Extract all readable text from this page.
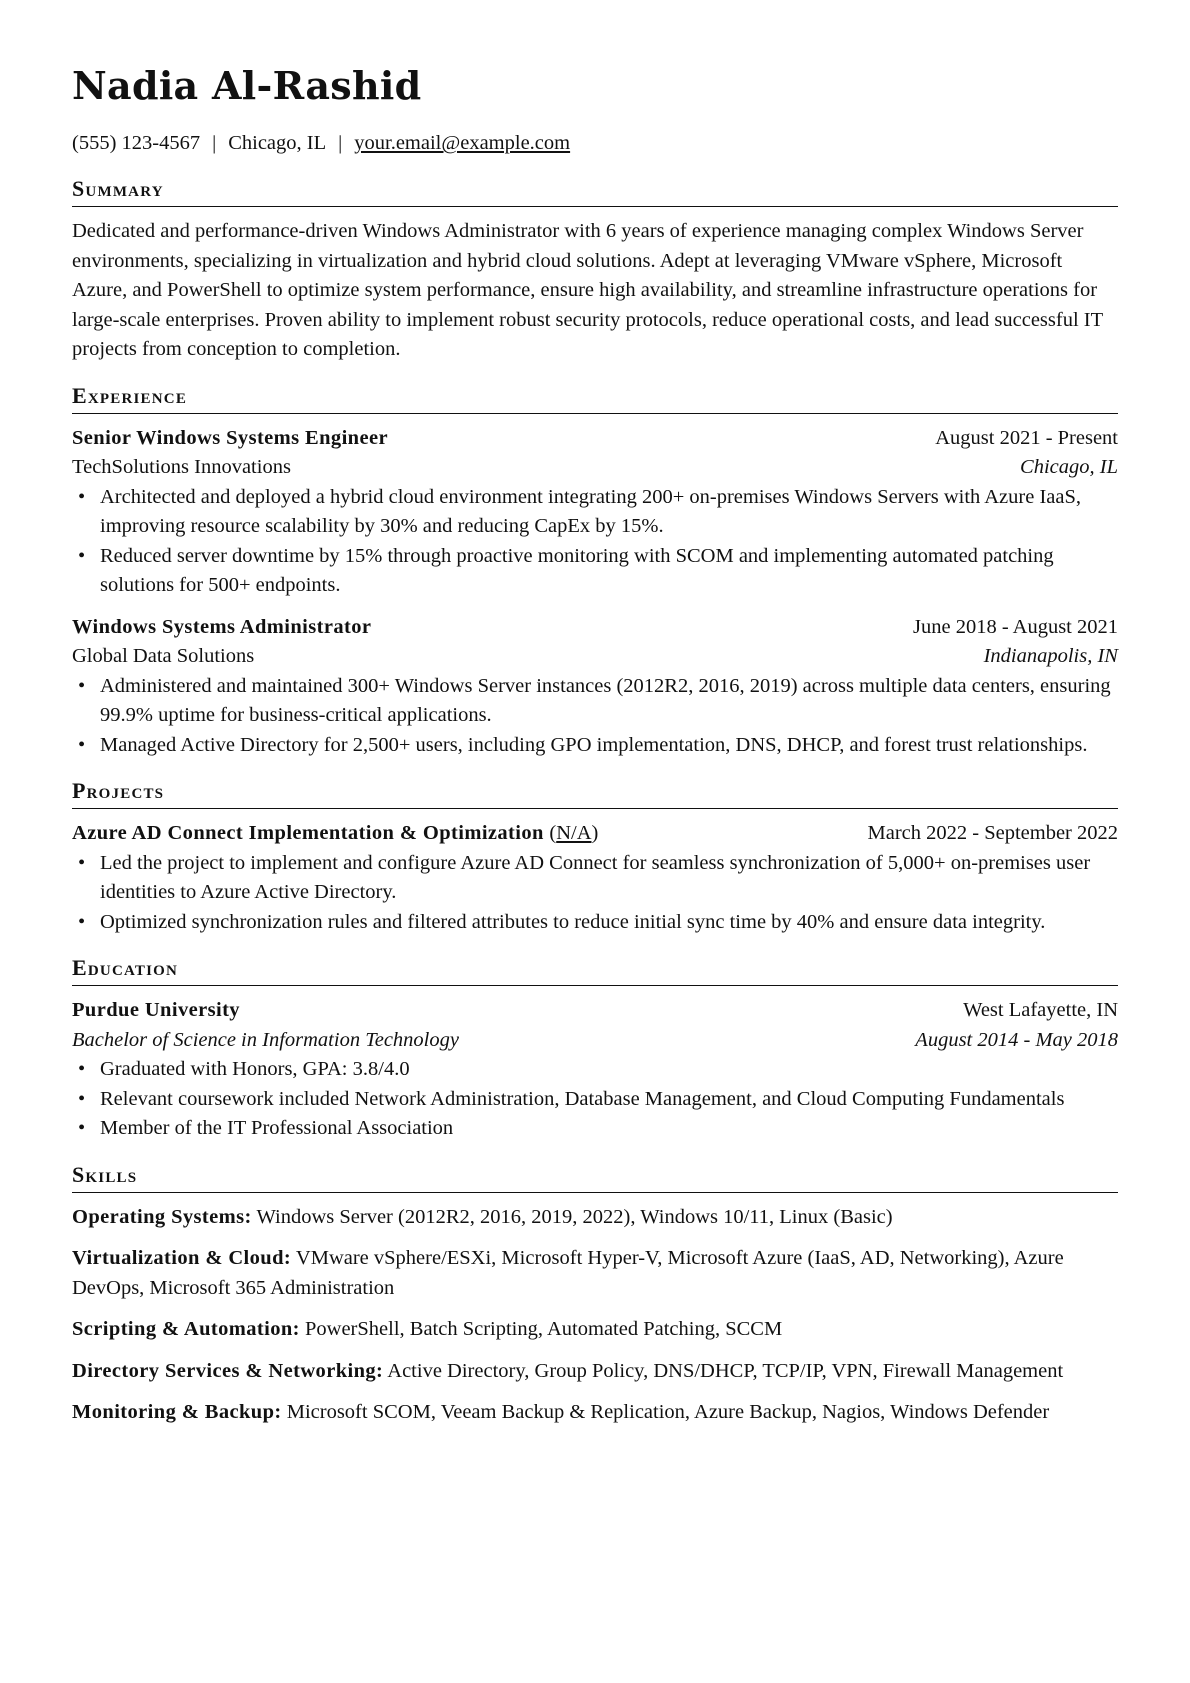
Nadia Al-Rashid
(555) 123-4567 | Chicago, IL | your.email@example.com
Summary

Dedicated and performance-driven Windows Administrator with 6 years of experience managing complex Windows Server environments, specializing in virtualization and hybrid cloud solutions. Adept at leveraging VMware vSphere, Microsoft Azure, and PowerShell to optimize system performance, ensure high availability, and streamline infrastructure operations for large-scale enterprises. Proven ability to implement robust security protocols, reduce operational costs, and lead successful IT projects from conception to completion.

Experience
Senior Windows Systems Engineer	August 2021 - Present
TechSolutions Innovations	Chicago, IL
• Architected and deployed a hybrid cloud environment integrating 200+ on-premises Windows Servers with Azure IaaS, improving resource scalability by 30% and reducing CapEx by 15%.
• Reduced server downtime by 15% through proactive monitoring with SCOM and implementing automated patching solutions for 500+ endpoints.
Windows Systems Administrator	June 2018 - August 2021
Global Data Solutions	Indianapolis, IN
• Administered and maintained 300+ Windows Server instances (2012R2, 2016, 2019) across multiple data centers, ensuring 99.9% uptime for business-critical applications.
• Managed Active Directory for 2,500+ users, including GPO implementation, DNS, DHCP, and forest trust relationships.
Projects
Azure AD Connect Implementation & Optimization (N/A)	March 2022 - September 2022
• Led the project to implement and configure Azure AD Connect for seamless synchronization of 5,000+ on-premises user identities to Azure Active Directory.
• Optimized synchronization rules and filtered attributes to reduce initial sync time by 40% and ensure data integrity.
Education
Purdue University	West Lafayette, IN
Bachelor of Science in Information Technology	August 2014 - May 2018
• Graduated with Honors, GPA: 3.8/4.0
• Relevant coursework included Network Administration, Database Management, and Cloud Computing Fundamentals
• Member of the IT Professional Association
Skills

Operating Systems: Windows Server (2012R2, 2016, 2019, 2022), Windows 10/11, Linux (Basic)

Virtualization & Cloud: VMware vSphere/ESXi, Microsoft Hyper-V, Microsoft Azure (IaaS, AD, Networking), Azure DevOps, Microsoft 365 Administration

Scripting & Automation: PowerShell, Batch Scripting, Automated Patching, SCCM

Directory Services & Networking: Active Directory, Group Policy, DNS/DHCP, TCP/IP, VPN, Firewall Management

Monitoring & Backup: Microsoft SCOM, Veeam Backup & Replication, Azure Backup, Nagios, Windows Defender
